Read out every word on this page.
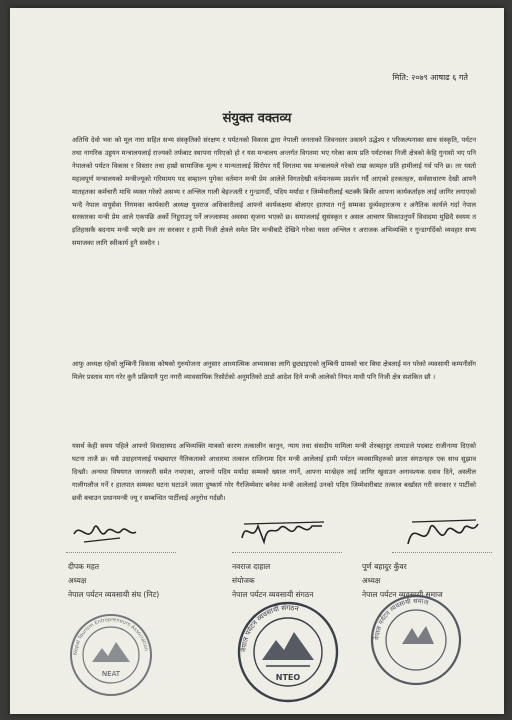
मिति: २०७९ आषाढ ६ गते
संयुक्त वक्तव्य

अतिथि देवो भवः को मूल नारा सहित सभ्य संस्कृतिको संरक्षण र पर्यटनको विकास द्वारा नेपाली जनताको जिवनस्तर उकास्ने उद्धेश्य र परिकल्पनाका साथ संस्कृति, पर्यटन तथा नागरिक उड्डयन मन्त्रालयलाई राज्यको तर्फबाट स्थापना गरिएको हो र यस मन्त्रालय अन्तर्गत विगतमा भए गरेका काम प्रति पर्यटनका निजी क्षेत्रको केहि गुनासो भए पनि नेपालको पर्यटन विकास र विस्तार तथा हाम्रो सामाजिक मूल्य र मान्यतालाई सिरोपर गर्दै विगतमा यस मन्त्रालयले गरेको राम्रा कामहरु प्रति हामीलाई गर्व पनि छ। तर यस्तो महत्वपूर्ण मन्त्रालयको मन्त्रीज्यूको गरिमामय पद सम्हाल्न पुगेका वर्तमान मन्त्री प्रेम आलेले विगतदेखी वर्तमानसम्म प्रदर्शन गर्दै आएको हरकतहरु, सर्वसाधारण देखी आफ्नै मातहतका कर्मचारी माथि व्यक्त गरेको असभ्य र अश्लिल गाली बेइज्जती र गुन्डागर्दी, पदिय मर्यादा र जिम्मेवारीलाई चटक्कै बिर्सेर आफ्ना कार्यकर्ताहरु लाई जागिर लगाएको भन्दै नेपाल वायुसेवा निगमका कार्यकारी अध्यक्ष युवराज अधिकारीलाई आफ्नो कार्यकक्षमा बोलाएर हातपात गर्नु सम्मका दुर्व्यवहारजन्य र अनैतिक कार्यले गर्दा नेपाल सरकारका मन्त्री प्रेम आले एकपछि अर्को निहुराउनु पर्ने लज्जास्पद अवस्था सृजना भएको छ। समाजलाई सुसंस्कृत र असल आचरण सिकाउनुपर्ने विवादमा मुछिदै स्वयम त इतिहासकै बदनाम मन्त्री भएकै छन तर सरकार र हामी निजी क्षेत्रले समेत शिर मन्त्रीबाटै देखिने गरेका यस्ता अश्लिल र अराजक अभिव्यक्ति र गुन्डागर्दिको व्यवहार सभ्य समाजका लागि स्वीकार्य हुनै सक्दैन ।

आफु अध्यक्ष रहेको लुम्बिनी विकास कोषको गुरुयोजना अनुसार आध्यात्मिक अभ्यासका लागि छुट्याइएको लुम्बिनी ग्रामको चार बिघा क्षेत्रलाई मन परेको व्यवसायी कम्पनीसँग मिलेर प्रस्ताव माग गरेर कुनै प्रक्रियानै पुरा नगरी व्यावसायिक रिसोर्टको अनुमतिको ठाडो आदेश दिने मन्त्री आलेको नियत माथी पनि निजी क्षेत्र सशंकित छौ ।

यसर्थ केही समय पहिले आफ्नो विवादास्पद अभिव्यक्ति मात्रको कारण तत्कालीन कानुन, न्याय तथा संसदीय मामिला मन्त्री शेरबहादुर तामाङले पदबाट राजीनामा दिएको घटना ताजै छ। यसै उदाहरणलाई पच्छ्याएर नैतिकताको आधारमा तत्काल राजिनामा दिन मन्त्री आलेलाई हामी पर्यटन व्यवसायिहरुको छाता संगठनहरु एक साथ सुझाव दिन्छौ। अन्यथा विषयगत जानकारी समेत नभएका, आफ्नो पदिय मर्यादा सम्मको ख्याल नगर्ने, आफ्ना मान्छेहरु लाई जागिर खुवाउन अनावश्यक दवाव दिने, अस्लील गालीगलौज गर्ने र हातपात सम्मका घटना घटाउने जस्ता दुष्कार्य गरेर गैरजिम्मेवार बनेका मन्त्री आलेलाई उनको पदिय जिम्मेवारीबाट तत्काल बर्खास्त गरी सरकार र पार्टीको छवी बचाउन प्रधानमन्त्री ज्यू र सम्बन्धित पार्टीलाई अनुरोध गर्दछौ।

दीपक महत
अध्यक्ष
नेपाल पर्यटन व्यवसायी संघ (निट)
नवराज दाहाल
संयोजक
नेपाल पर्यटन व्यवसायी संगठन
पूर्ण बहादुर कुँवर
अध्यक्ष
नेपाल पर्यटन व्यवसायी समाज
NEAT
Nepal Tourism Entrepreneurs Association
NTEO
नेपाल पर्यटन व्यवसायी संगठन
नेपाल पर्यटन व्यवसायी समाज
